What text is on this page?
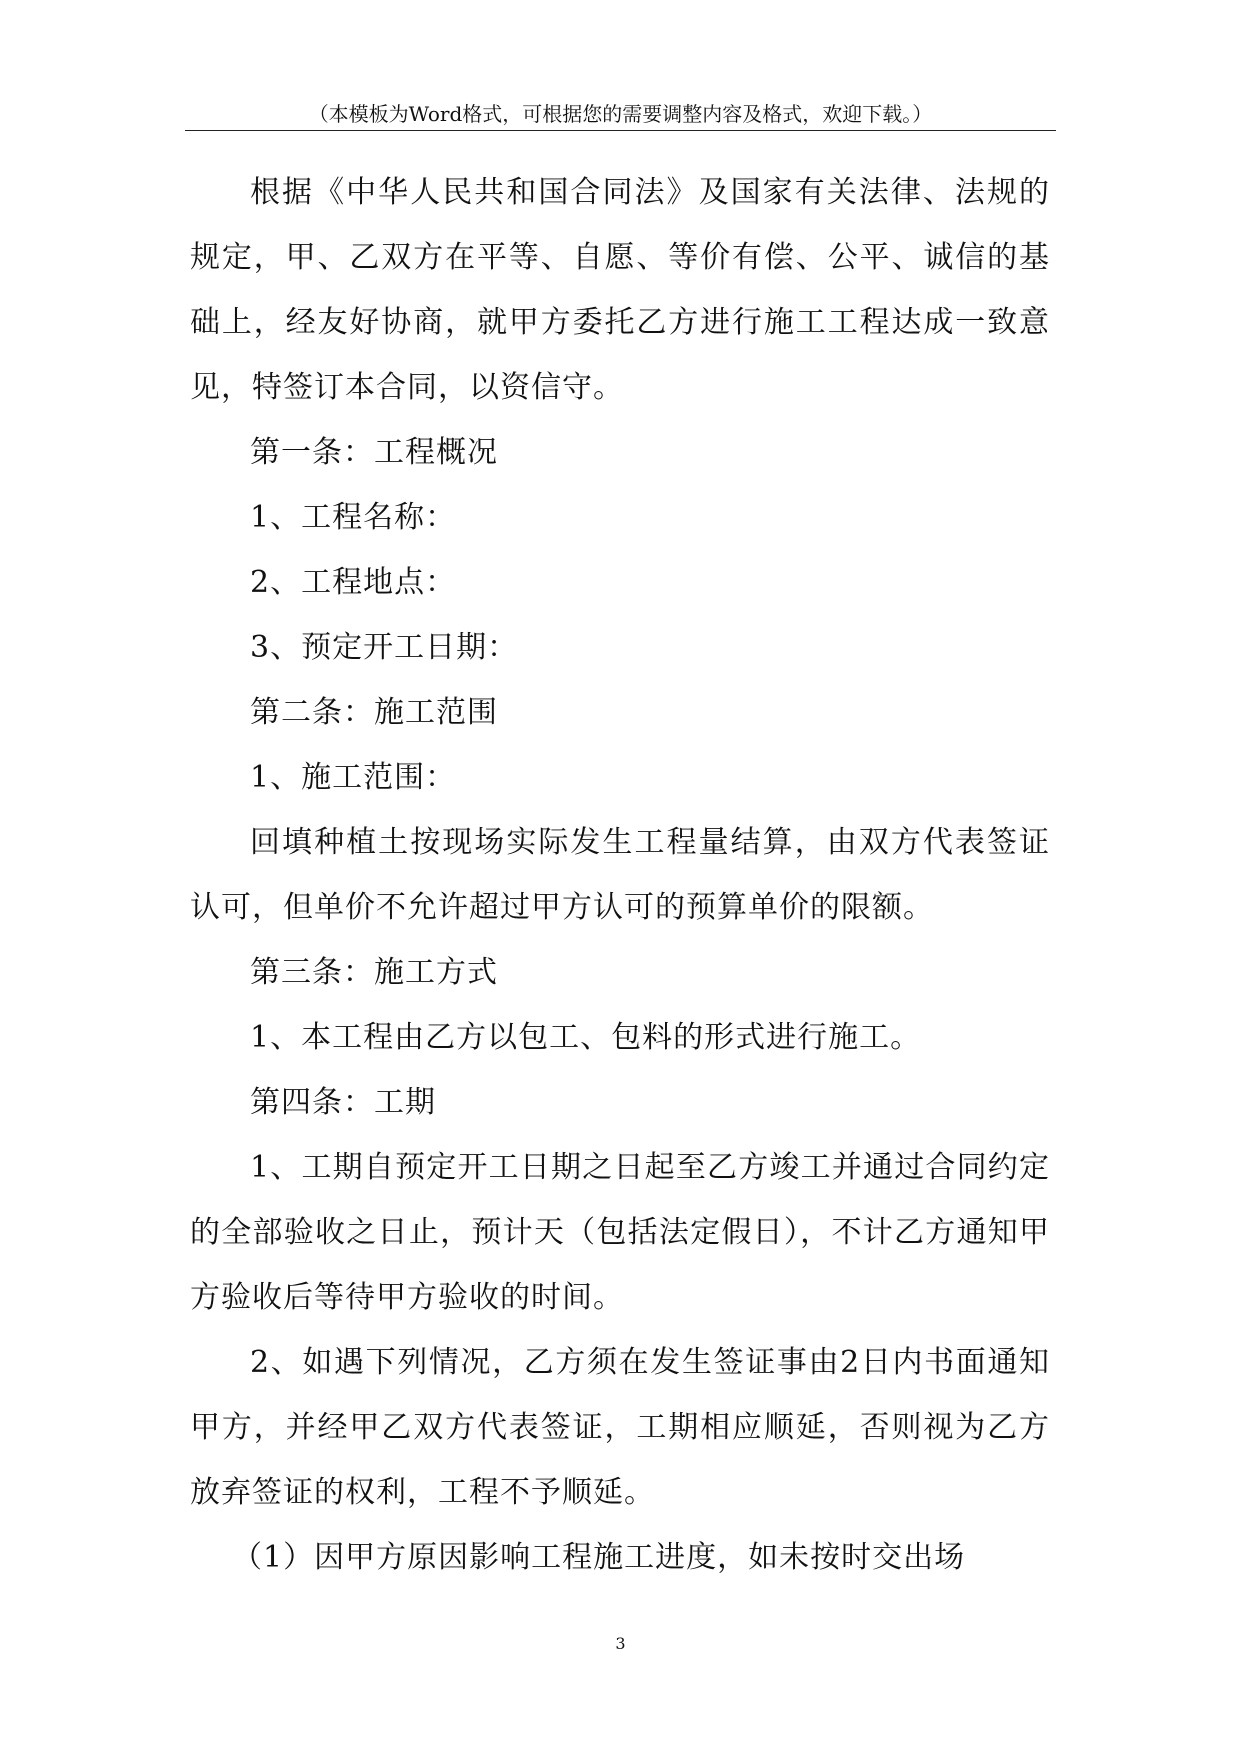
（本模板为Word格式，可根据您的需要调整内容及格式，欢迎下载。）

根据《中华人民共和国合同法》及国家有关法律、法规的规定，甲、乙双方在平等、自愿、等价有偿、公平、诚信的基础上，经友好协商，就甲方委托乙方进行施工工程达成一致意见，特签订本合同，以资信守。

第一条：工程概况

1、工程名称：

2、工程地点：

3、预定开工日期：

第二条：施工范围

1、施工范围：

回填种植土按现场实际发生工程量结算，由双方代表签证认可，但单价不允许超过甲方认可的预算单价的限额。

第三条：施工方式

1、本工程由乙方以包工、包料的形式进行施工。

第四条：工期

1、工期自预定开工日期之日起至乙方竣工并通过合同约定的全部验收之日止，预计天（包括法定假日），不计乙方通知甲方验收后等待甲方验收的时间。

2、如遇下列情况，乙方须在发生签证事由2日内书面通知甲方，并经甲乙双方代表签证，工期相应顺延，否则视为乙方放弃签证的权利，工程不予顺延。

（1）因甲方原因影响工程施工进度，如未按时交出场

3
